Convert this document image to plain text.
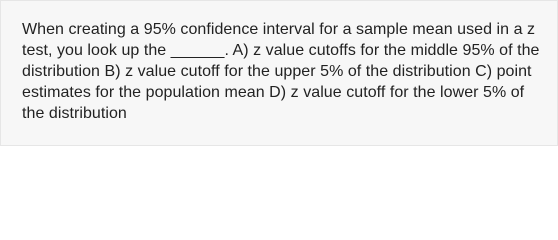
When creating a 95% confidence interval for a sample mean used in a z test, you look up the ______. A) z value cutoffs for the middle 95% of the distribution B) z value cutoff for the upper 5% of the distribution C) point estimates for the population mean D) z value cutoff for the lower 5% of the distribution
